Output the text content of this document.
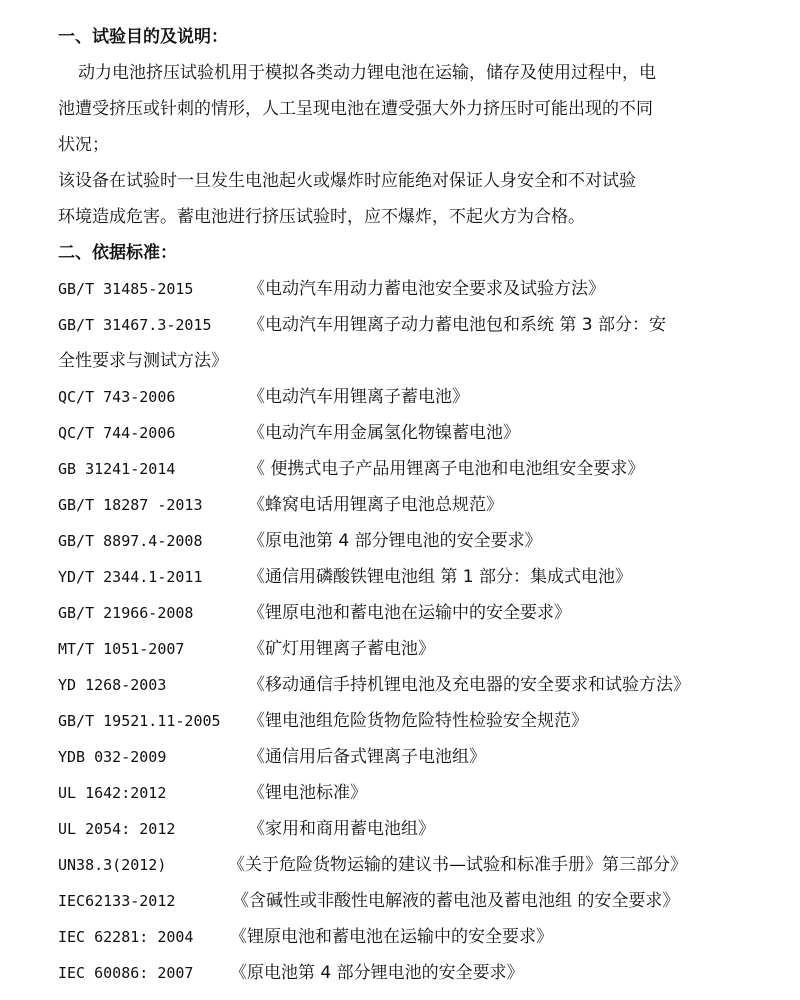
一、试验目的及说明：
动力电池挤压试验机用于模拟各类动力锂电池在运输，储存及使用过程中，电
池遭受挤压或针刺的情形，人工呈现电池在遭受强大外力挤压时可能出现的不同
状况；
该设备在试验时一旦发生电池起火或爆炸时应能绝对保证人身安全和不对试验
环境造成危害。蓄电池进行挤压试验时，应不爆炸，不起火方为合格。
二、依据标准：
GB/T 31485-2015	《电动汽车用动力蓄电池安全要求及试验方法》
GB/T 31467.3-2015 《电动汽车用锂离子动力蓄电池包和系统 第 3 部分：安
全性要求与测试方法》
QC/T 743-2006	《电动汽车用锂离子蓄电池》
QC/T 744-2006	《电动汽车用金属氢化物镍蓄电池》
GB 31241-2014	《 便携式电子产品用锂离子电池和电池组安全要求》
GB/T 18287 -2013	《蜂窝电话用锂离子电池总规范》
GB/T 8897.4-2008	《原电池第 4 部分锂电池的安全要求》
YD/T 2344.1-2011	《通信用磷酸铁锂电池组 第 1 部分：集成式电池》
GB/T 21966-2008	《锂原电池和蓄电池在运输中的安全要求》
MT/T 1051-2007	《矿灯用锂离子蓄电池》
YD 1268-2003	《移动通信手持机锂电池及充电器的安全要求和试验方法》
GB/T 19521.11-2005 《锂电池组危险货物危险特性检验安全规范》
YDB 032-2009	《通信用后备式锂离子电池组》
UL 1642:2012	《锂电池标准》
UL 2054: 2012	《家用和商用蓄电池组》
UN38.3(2012)	《关于危险货物运输的建议书—试验和标准手册》第三部分》
IEC62133-2012	《含碱性或非酸性电解液的蓄电池及蓄电池组 的安全要求》
IEC 62281: 2004 《锂原电池和蓄电池在运输中的安全要求》
IEC 60086: 2007 《原电池第 4 部分锂电池的安全要求》
